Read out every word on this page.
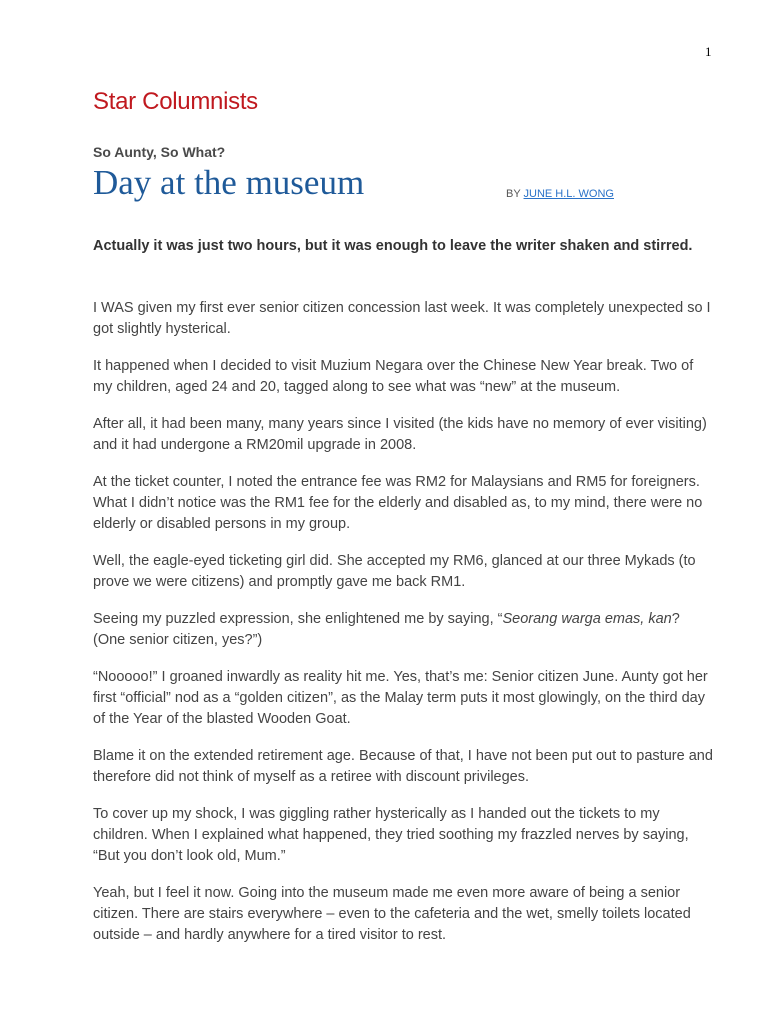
1
Star Columnists
So Aunty, So What?
Day at the museum	BY JUNE H.L. WONG
Actually it was just two hours, but it was enough to leave the writer shaken and stirred.

I WAS given my first ever senior citizen concession last week. It was completely unexpected so I got slightly hysterical.

It happened when I decided to visit Muzium Negara over the Chinese New Year break. Two of my children, aged 24 and 20, tagged along to see what was “new” at the museum.

After all, it had been many, many years since I visited (the kids have no memory of ever visiting) and it had undergone a RM20mil upgrade in 2008.

At the ticket counter, I noted the entrance fee was RM2 for Malaysians and RM5 for foreigners. What I didn’t notice was the RM1 fee for the elderly and disabled as, to my mind, there were no elderly or disabled persons in my group.

Well, the eagle-eyed ticketing girl did. She accepted my RM6, glanced at our three Mykads (to prove we were citizens) and promptly gave me back RM1.

Seeing my puzzled expression, she enlightened me by saying, “Seorang warga emas, kan? (One senior citizen, yes?”)

“Nooooo!” I groaned inwardly as reality hit me. Yes, that’s me: Senior citizen June. Aunty got her first “official” nod as a “golden citizen”, as the Malay term puts it most glowingly, on the third day of the Year of the blasted Wooden Goat.

Blame it on the extended retirement age. Because of that, I have not been put out to pasture and therefore did not think of myself as a retiree with discount privileges.

To cover up my shock, I was giggling rather hysterically as I handed out the tickets to my children. When I explained what happened, they tried soothing my frazzled nerves by saying, “But you don’t look old, Mum.”

Yeah, but I feel it now. Going into the museum made me even more aware of being a senior citizen. There are stairs everywhere – even to the cafeteria and the wet, smelly toilets located outside – and hardly anywhere for a tired visitor to rest.
